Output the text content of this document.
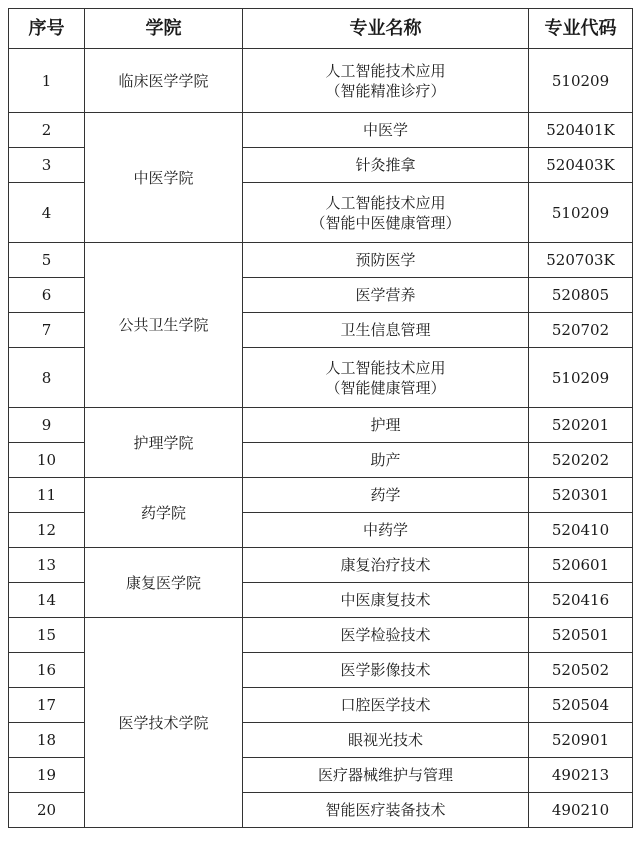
序号	学院	专业名称	专业代码
1	临床医学学院	人工智能技术应用
（智能精准诊疗）	510209
2	中医学院	中医学	520401K
3		针灸推拿	520403K
4		人工智能技术应用
（智能中医健康管理）	510209
5	公共卫生学院	预防医学	520703K
6		医学营养	520805
7		卫生信息管理	520702
8		人工智能技术应用
（智能健康管理）	510209
9	护理学院	护理	520201
10		助产	520202
11	药学院	药学	520301
12		中药学	520410
13	康复医学院	康复治疗技术	520601
14		中医康复技术	520416
15	医学技术学院	医学检验技术	520501
16		医学影像技术	520502
17		口腔医学技术	520504
18		眼视光技术	520901
19		医疗器械维护与管理	490213
20		智能医疗装备技术	490210
